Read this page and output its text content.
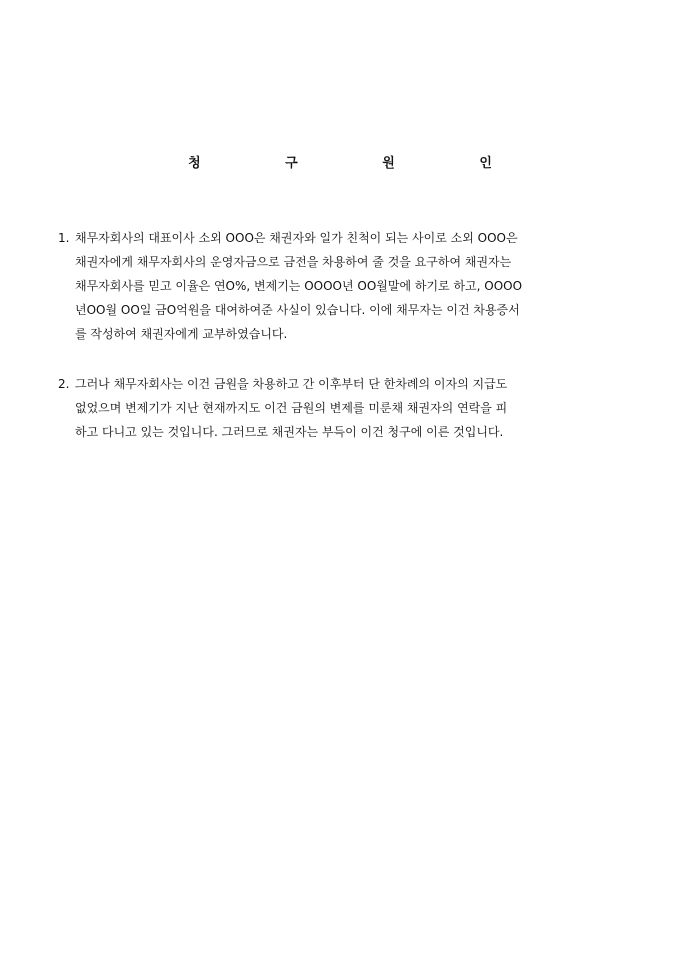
청 구 원 인
1. 채무자회사의 대표이사 소외 OOO은 채권자와 일가 친척이 되는 사이로 소외 OOO은
채권자에게 채무자회사의 운영자금으로 금전을 차용하여 줄 것을 요구하여 채권자는
채무자회사를 믿고 이율은 연O%, 변제기는 OOOO년 OO월말에 하기로 하고, OOOO
년OO월 OO일 금O억원을 대여하여준 사실이 있습니다. 이에 채무자는 이건 차용증서
를 작성하여 채권자에게 교부하였습니다.
2. 그러나 채무자회사는 이건 금원을 차용하고 간 이후부터 단 한차례의 이자의 지급도
없었으며 변제기가 지난 현재까지도 이건 금원의 변제를 미룬채 채권자의 연락을 피
하고 다니고 있는 것입니다. 그러므로 채권자는 부득이 이건 청구에 이른 것입니다.
